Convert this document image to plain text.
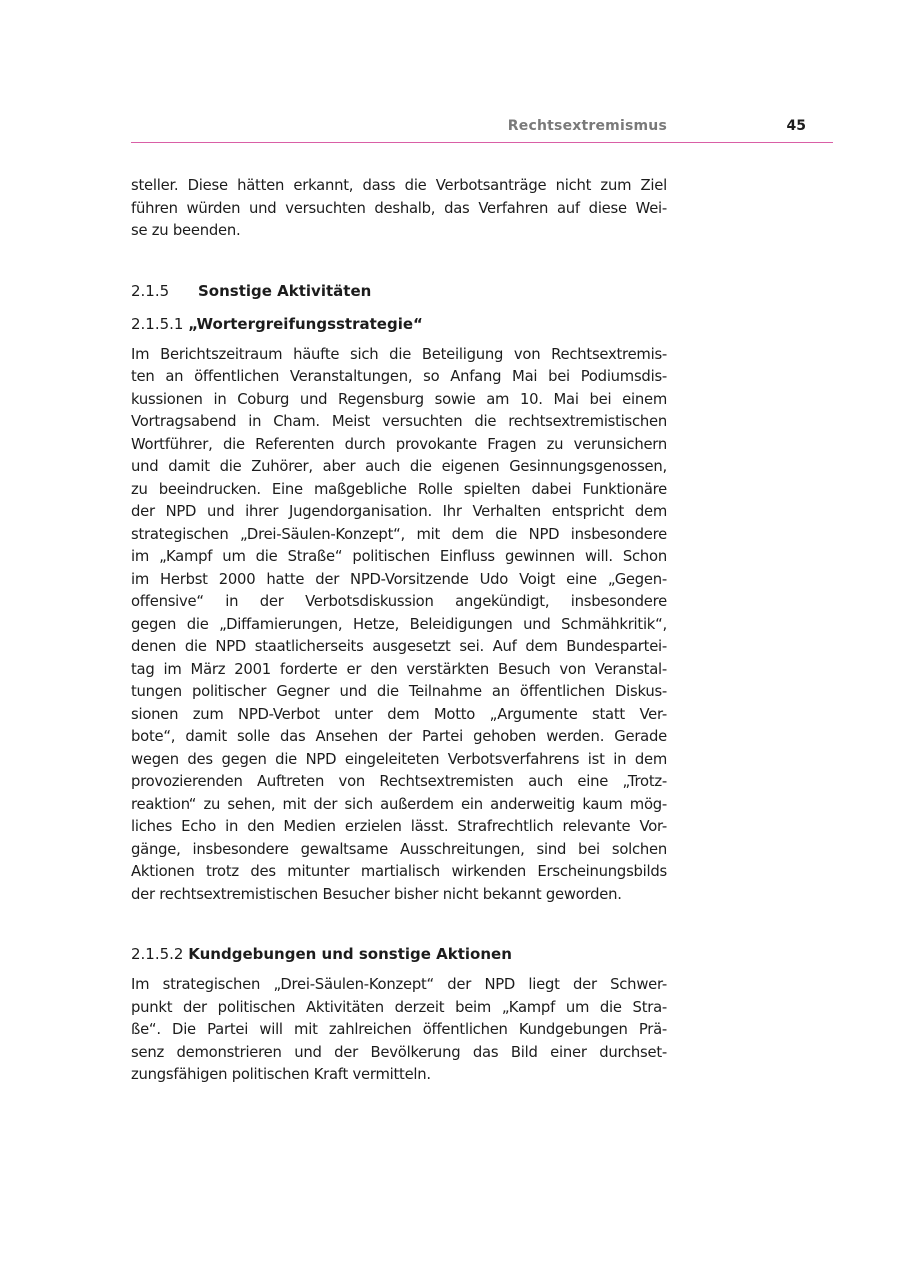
Rechtsextremismus	45
steller. Diese hätten erkannt, dass die Verbotsanträge nicht zum Ziel
führen würden und versuchten deshalb, das Verfahren auf diese Wei-
se zu beenden.
2.1.5 Sonstige Aktivitäten
2.1.5.1 „Wortergreifungsstrategie“
Im Berichtszeitraum häufte sich die Beteiligung von Rechtsextremis-
ten an öffentlichen Veranstaltungen, so Anfang Mai bei Podiumsdis-
kussionen in Coburg und Regensburg sowie am 10. Mai bei einem
Vortragsabend in Cham. Meist versuchten die rechtsextremistischen
Wortführer, die Referenten durch provokante Fragen zu verunsichern
und damit die Zuhörer, aber auch die eigenen Gesinnungsgenossen,
zu beeindrucken. Eine maßgebliche Rolle spielten dabei Funktionäre
der NPD und ihrer Jugendorganisation. Ihr Verhalten entspricht dem
strategischen „Drei-Säulen-Konzept“, mit dem die NPD insbesondere
im „Kampf um die Straße“ politischen Einfluss gewinnen will. Schon
im Herbst 2000 hatte der NPD-Vorsitzende Udo Voigt eine „Gegen-
offensive“ in der Verbotsdiskussion angekündigt, insbesondere
gegen die „Diffamierungen, Hetze, Beleidigungen und Schmähkritik“,
denen die NPD staatlicherseits ausgesetzt sei. Auf dem Bundespartei-
tag im März 2001 forderte er den verstärkten Besuch von Veranstal-
tungen politischer Gegner und die Teilnahme an öffentlichen Diskus-
sionen zum NPD-Verbot unter dem Motto „Argumente statt Ver-
bote“, damit solle das Ansehen der Partei gehoben werden. Gerade
wegen des gegen die NPD eingeleiteten Verbotsverfahrens ist in dem
provozierenden Auftreten von Rechtsextremisten auch eine „Trotz-
reaktion“ zu sehen, mit der sich außerdem ein anderweitig kaum mög-
liches Echo in den Medien erzielen lässt. Strafrechtlich relevante Vor-
gänge, insbesondere gewaltsame Ausschreitungen, sind bei solchen
Aktionen trotz des mitunter martialisch wirkenden Erscheinungsbilds
der rechtsextremistischen Besucher bisher nicht bekannt geworden.
2.1.5.2 Kundgebungen und sonstige Aktionen
Im strategischen „Drei-Säulen-Konzept“ der NPD liegt der Schwer-
punkt der politischen Aktivitäten derzeit beim „Kampf um die Stra-
ße“. Die Partei will mit zahlreichen öffentlichen Kundgebungen Prä-
senz demonstrieren und der Bevölkerung das Bild einer durchset-
zungsfähigen politischen Kraft vermitteln.
